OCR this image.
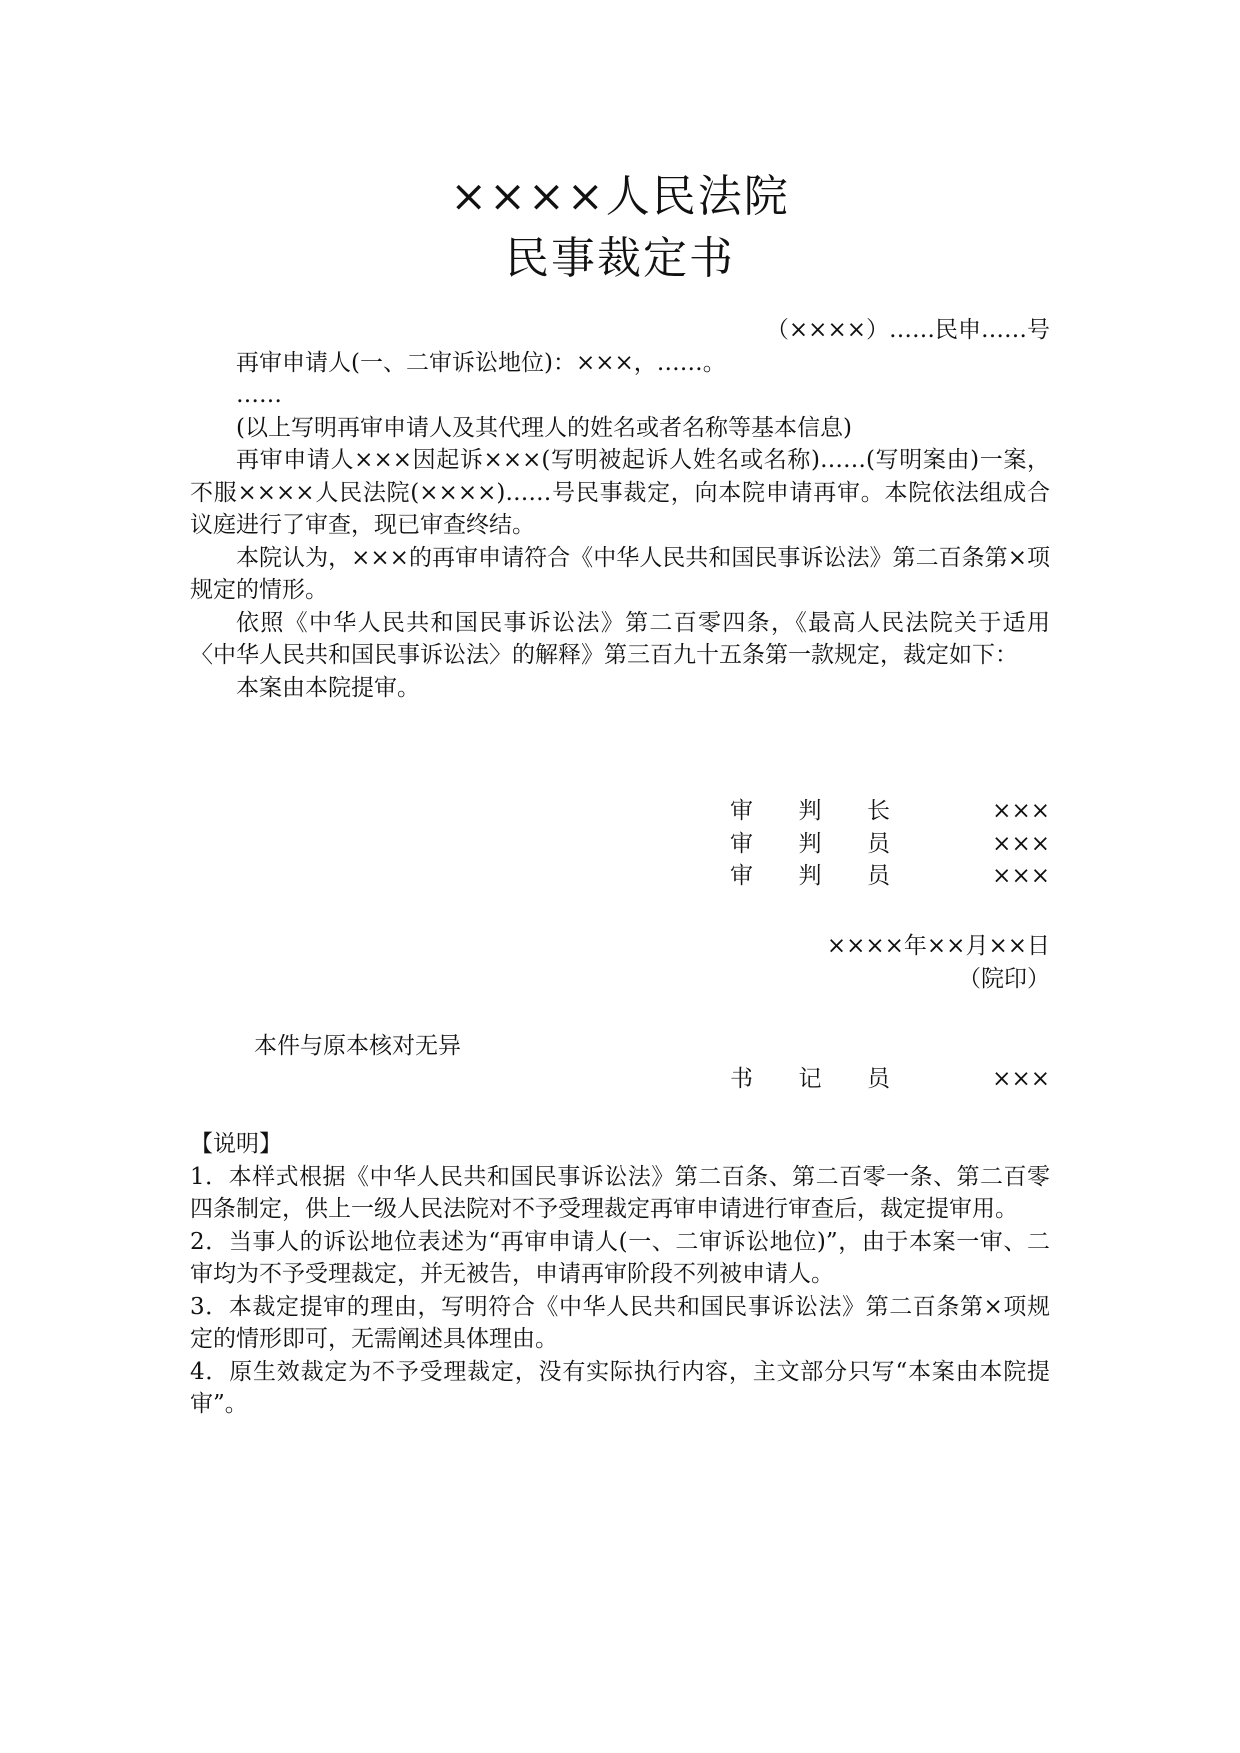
××××人民法院
民事裁定书

（××××）……民申……号

再审申请人(一、二审诉讼地位)：×××，……。

……

(以上写明再审申请人及其代理人的姓名或者名称等基本信息)

再审申请人×××因起诉×××(写明被起诉人姓名或名称)……(写明案由)一案，不服××××人民法院(××××)……号民事裁定，向本院申请再审。本院依法组成合议庭进行了审查，现已审查终结。

本院认为，×××的再审申请符合《中华人民共和国民事诉讼法》第二百条第×项规定的情形。

依照《中华人民共和国民事诉讼法》第二百零四条，《最高人民法院关于适用〈中华人民共和国民事诉讼法〉的解释》第三百九十五条第一款规定，裁定如下：

本案由本院提审。

审 判 长	×××
审 判 员	×××
审 判 员	×××
××××年××月××日
（院印）
本件与原本核对无异
书 记 员	×××

【说明】

1．本样式根据《中华人民共和国民事诉讼法》第二百条、第二百零一条、第二百零四条制定，供上一级人民法院对不予受理裁定再审申请进行审查后，裁定提审用。

2．当事人的诉讼地位表述为“再审申请人(一、二审诉讼地位)”，由于本案一审、二审均为不予受理裁定，并无被告，申请再审阶段不列被申请人。

3．本裁定提审的理由，写明符合《中华人民共和国民事诉讼法》第二百条第×项规定的情形即可，无需阐述具体理由。

4．原生效裁定为不予受理裁定，没有实际执行内容，主文部分只写“本案由本院提审”。
